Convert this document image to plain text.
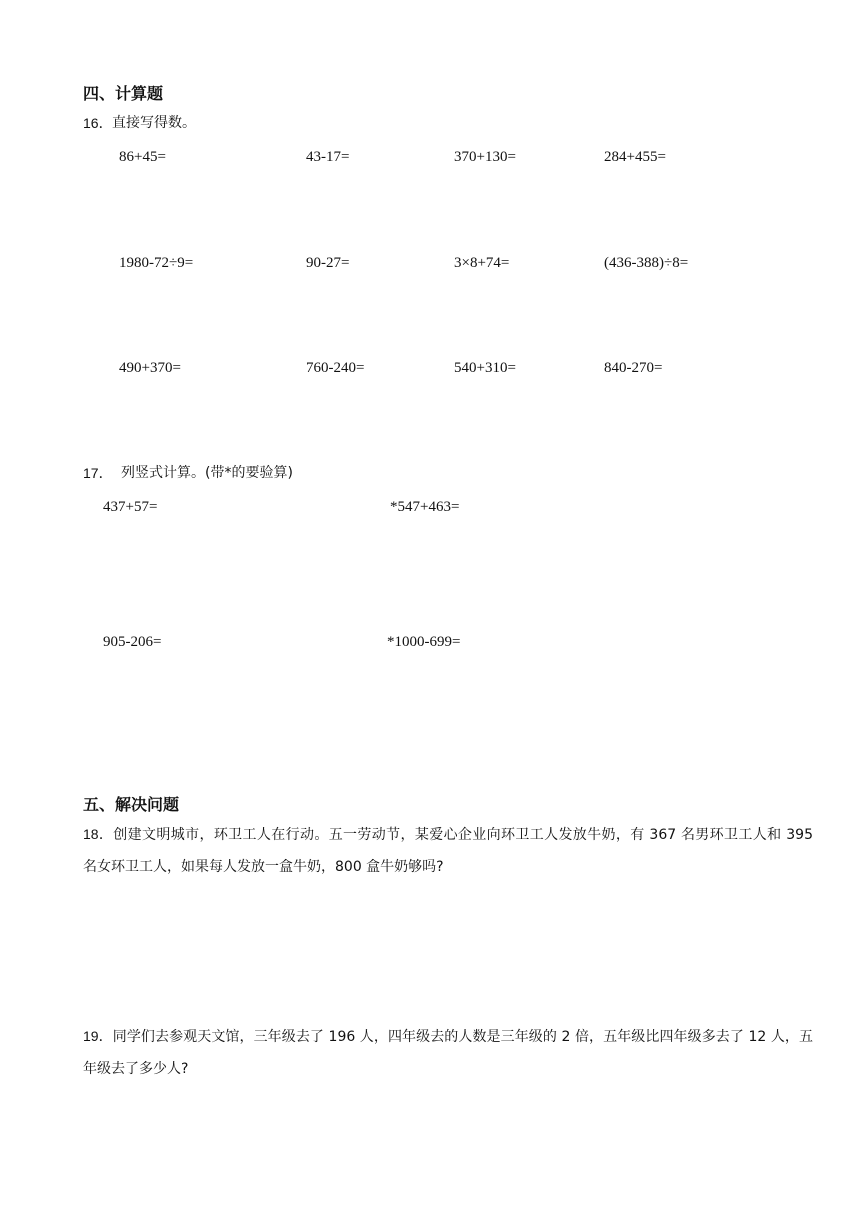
四、计算题
16． 直接写得数。
86+45=	43-17=	370+130=	284+455=
1980-72÷9=	90-27=	3×8+74=	(436-388)÷8=
490+370=	760-240=	540+310=	840-270=
17． 列竖式计算。(带*的要验算)
437+57=	*547+463=
905-206=	*1000-699=
五、解决问题
18．创建文明城市，环卫工人在行动。五一劳动节，某爱心企业向环卫工人发放牛奶，有 367 名男环卫工人和 395 名女环卫工人，如果每人发放一盒牛奶，800 盒牛奶够吗?
19．同学们去参观天文馆，三年级去了 196 人，四年级去的人数是三年级的 2 倍，五年级比四年级多去了 12 人，五年级去了多少人?
